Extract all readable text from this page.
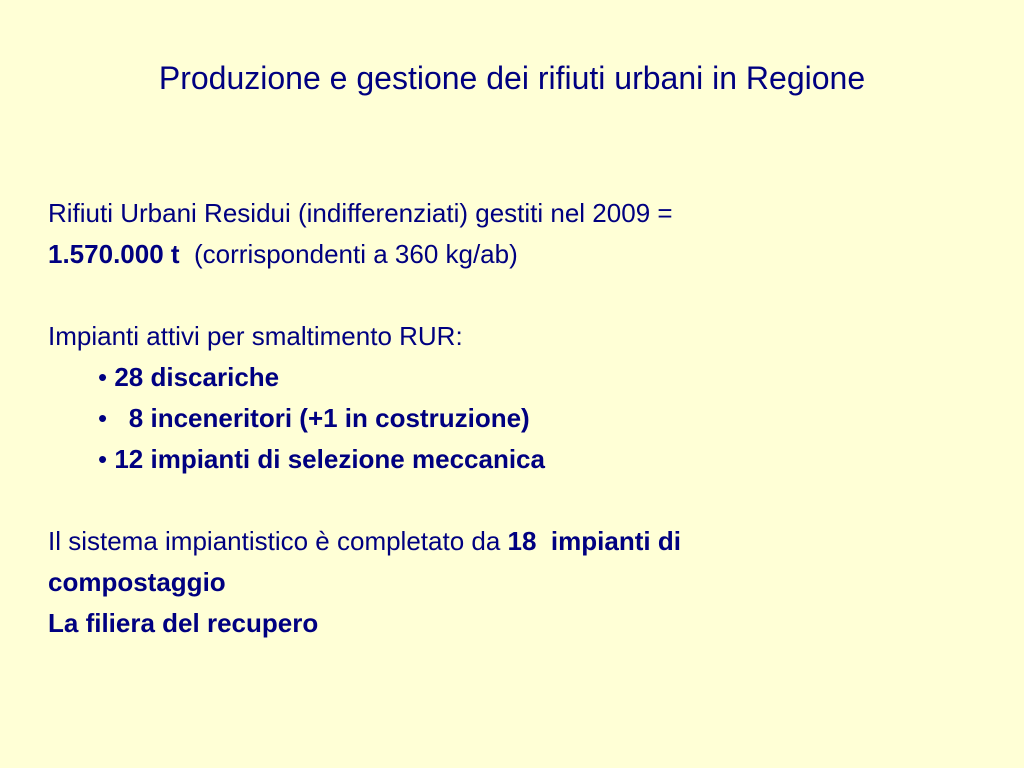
Produzione e gestione dei rifiuti urbani in Regione
Rifiuti Urbani Residui (indifferenziati) gestiti nel 2009 =
1.570.000 t (corrispondenti a 360 kg/ab)
Impianti attivi per smaltimento RUR:
• 28 discariche
• 8 inceneritori (+1 in costruzione)
• 12 impianti di selezione meccanica
Il sistema impiantistico è completato da 18 impianti di
compostaggio
La filiera del recupero
